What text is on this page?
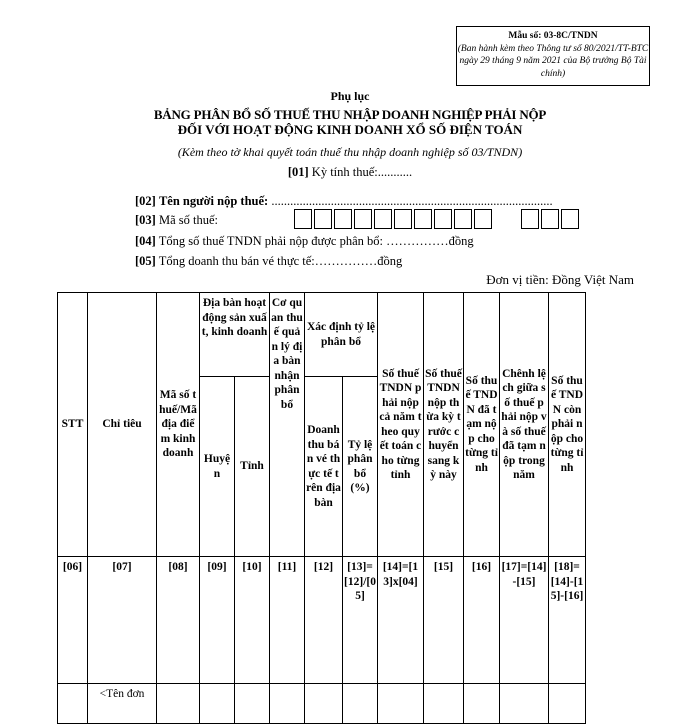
Mẫu số: 03-8C/TNDN
(Ban hành kèm theo Thông tư số 80/2021/TT-BTC ngày 29 tháng 9 năm 2021 của Bộ trưởng Bộ Tài chính)
Phụ lục
BẢNG PHÂN BỔ SỐ THUẾ THU NHẬP DOANH NGHIỆP PHẢI NỘP
ĐỐI VỚI HOẠT ĐỘNG KINH DOANH XỔ SỐ ĐIỆN TOÁN
(Kèm theo tờ khai quyết toán thuế thu nhập doanh nghiệp số 03/TNDN)
[01] Kỳ tính thuế:...........
[02] Tên người nộp thuế: ..........................................................................................
[03] Mã số thuế:
[04] Tổng số thuế TNDN phải nộp được phân bổ: ……………đồng
[05] Tổng doanh thu bán vé thực tế:……………đồng
Đơn vị tiền: Đồng Việt Nam
STT	Chỉ tiêu	Mã số thuế/Mã địa điểm kinh doanh	Địa bàn hoạt động sản xuất, kinh doanh		Cơ quan thuế quản lý địa bàn nhận phân bổ	Xác định tỷ lệ phân bổ		Số thuế TNDN phải nộp cả năm theo quyết toán cho từng tỉnh	Số thuế TNDN nộp thừa kỳ trước chuyển sang kỳ này	Số thuế TNDN đã tạm nộp cho từng tỉnh	Chênh lệch giữa số thuế phải nộp và số thuế đã tạm nộp trong năm	Số thuế TNDN còn phải nộp cho từng tỉnh
			Huyện	Tỉnh		Doanh thu bán vé thực tế trên địa bàn	Tỷ lệ phân bổ (%)					
[06]	[07]	[08]	[09]	[10]	[11]	[12]	[13]=[12]/[05]	[14]=[13]x[04]	[15]	[16]	[17]=[14]-[15]	[18]=[14]-[15]-[16]
	<Tên đơn											
